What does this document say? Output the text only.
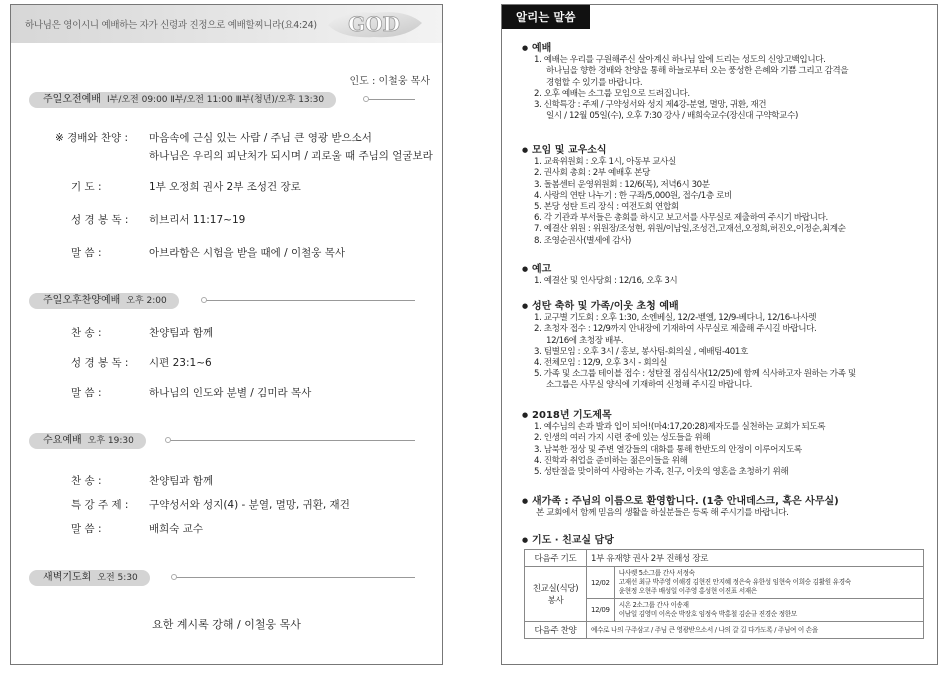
하나님은 영이시니 예배하는 자가 신령과 진정으로 예배할찌니라(요4:24) GOD
인도 : 이철웅 목사
주일오전예배 Ⅰ부/오전 09:00 Ⅱ부/오전 11:00 Ⅲ부(청년)/오후 13:30
※ 경배와 찬양 : 마음속에 근심 있는 사람 / 주님 큰 영광 받으소서
하나님은 우리의 피난처가 되시며 / 괴로울 때 주님의 얼굴보라
기 도 :	1부 오정희 권사 2부 조성건 장로
성 경 봉 독 : 히브리서 11:17~19
말 씀 :	아브라함은 시험을 받을 때에 / 이철웅 목사
주일오후찬양예배 오후 2:00
찬 송 :	찬양팀과 함께
성 경 봉 독 : 시편 23:1~6
말 씀 :	하나님의 인도와 분별 / 김미라 목사
수요예배 오후 19:30
찬 송 :	찬양팀과 함께
특 강 주 제 : 구약성서와 성지(4) - 분열, 멸망, 귀환, 재건
말 씀 :	배희숙 교수
새벽기도회 오전 5:30
요한 계시록 강해 / 이철웅 목사
알리는 말씀
● 예배
1. 예배는 우리를 구원해주신 살아계신 하나님 앞에 드리는 성도의 신앙고백입니다.
하나님을 향한 경배와 찬양을 통해 하늘로부터 오는 풍성한 은혜와 기쁨 그리고 감격을
경험할 수 있기를 바랍니다.
2. 오후 예배는 소그룹 모임으로 드려집니다.
3. 신학특강 : 주제 / 구약성서와 성지 제4강-분열, 멸망, 귀환, 재건
일시 / 12월 05일(수), 오후 7:30 강사 / 배희숙교수(장신대 구약학교수)
● 모임 및 교우소식
1. 교육위원회 : 오후 1시, 아동부 교사실
2. 권사회 총회 : 2부 예배후 본당
3. 돌봄센터 운영위원회 : 12/6(목), 저녁6시 30분
4. 사랑의 연탄 나누기 : 한 구좌/5,000원, 접수/1층 로비
5. 본당 성탄 트리 장식 : 여전도회 연합회
6. 각 기관과 부서들은 총회를 하시고 보고서를 사무실로 제출하여 주시기 바랍니다.
7. 예결산 위원 : 위원장/조성현, 위원/이남일,조성건,고재선,오정희,허진오,이정순,최계순
8. 조영순권사(별세에 감사)
● 예고
1. 예결산 및 인사당회 : 12/16, 오후 3시
● 성탄 축하 및 가족/이웃 초청 예배
1. 교구별 기도회 : 오후 1:30, 소엔베실, 12/2-벧엘, 12/9-베다니, 12/16-나사렛
2. 초청자 접수 : 12/9까지 안내장에 기재하여 사무실로 제출해 주시길 바랍니다.
12/16에 초청장 배부.
3. 팀별모임 : 오후 3시 / 홍보, 봉사팀-회의실 , 예배팀-401호
4. 전체모임 : 12/9, 오후 3시 - 회의실
5. 가족 및 소그룹 테이블 접수 : 성탄절 점심식사(12/25)에 함께 식사하고자 원하는 가족 및
소그룹은 사무실 양식에 기재하여 신청해 주시길 바랍니다.
● 2018년 기도제목
1. 예수님의 손과 발과 입이 되어!(마4:17,20:28)제자도를 실천하는 교회가 되도록
2. 인생의 여러 가지 시련 중에 있는 성도들을 위해
3. 남북한 정상 및 주변 열강들의 대화를 통해 한반도의 안정이 이루어지도록
4. 진학과 취업을 준비하는 젊은이들을 위해
5. 성탄절을 맞이하여 사랑하는 가족, 친구, 이웃의 영혼을 초청하기 위해
● 새가족 : 주님의 이름으로 환영합니다. (1층 안내데스크, 혹은 사무실)
본 교회에서 함께 믿음의 생활을 하실분들은 등록 해 주시기를 바랍니다.
● 기도 · 친교실 담당
다음주 기도	1부 유재향 권사 2부 진해성 장로	
친교실(식당) 봉사	12/02	나사렛 5소그룹 간사 서정숙
고재선 최규 박주영 이해경 김현진 안지혜 정은숙 유한성 임현숙 이희승 김활원 유경숙
윤현정 오현주 배성일 이주영 홍성현 이진표 서재은

	12/09	시온 2소그룹 간사 이송재
이남일 김영미 이옥순 박장호 임정숙 박홍철 김순규 진경순 정한모

다음주 찬양	예수로 나의 구주삼고 / 주님 큰 영광받으소서 / 나의 갈 길 다가도록 / 주님여 이 손을	
